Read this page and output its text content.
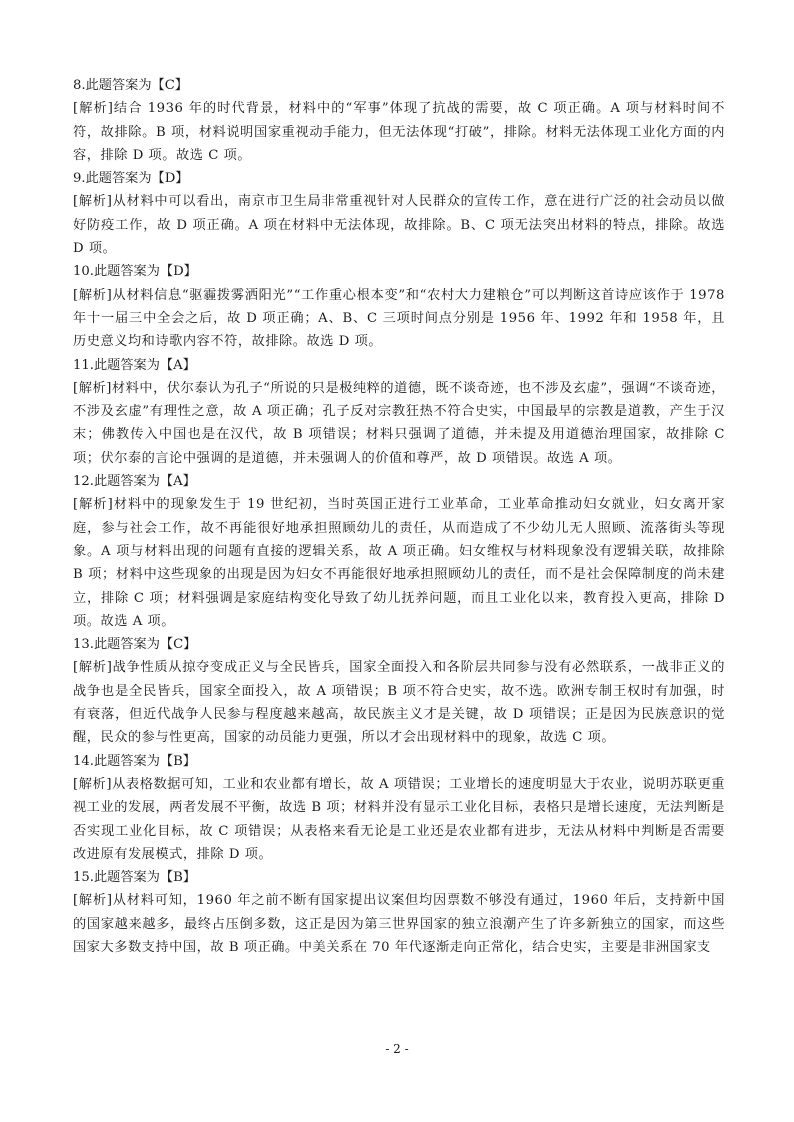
8.此题答案为【C】

[解析]结合 1936 年的时代背景，材料中的“军事”体现了抗战的需要，故 C 项正确。A 项与材料时间不符，故排除。B 项，材料说明国家重视动手能力，但无法体现“打破”，排除。材料无法体现工业化方面的内容，排除 D 项。故选 C 项。

9.此题答案为【D】

[解析]从材料中可以看出，南京市卫生局非常重视针对人民群众的宣传工作，意在进行广泛的社会动员以做好防疫工作，故 D 项正确。A 项在材料中无法体现，故排除。B、C 项无法突出材料的特点，排除。故选 D 项。

10.此题答案为【D】

[解析]从材料信息“驱霾拨雾洒阳光”“工作重心根本变”和“农村大力建粮仓”可以判断这首诗应该作于 1978 年十一届三中全会之后，故 D 项正确；A、B、C 三项时间点分别是 1956 年、1992 年和 1958 年，且历史意义均和诗歌内容不符，故排除。故选 D 项。

11.此题答案为【A】

[解析]材料中，伏尔泰认为孔子“所说的只是极纯粹的道德，既不谈奇迹，也不涉及玄虚”，强调“不谈奇迹，不涉及玄虚”有理性之意，故 A 项正确；孔子反对宗教狂热不符合史实，中国最早的宗教是道教，产生于汉末；佛教传入中国也是在汉代，故 B 项错误；材料只强调了道德，并未提及用道德治理国家，故排除 C 项；伏尔泰的言论中强调的是道德，并未强调人的价值和尊严，故 D 项错误。故选 A 项。

12.此题答案为【A】

[解析]材料中的现象发生于 19 世纪初，当时英国正进行工业革命，工业革命推动妇女就业，妇女离开家庭，参与社会工作，故不再能很好地承担照顾幼儿的责任，从而造成了不少幼儿无人照顾、流落街头等现象。A 项与材料出现的问题有直接的逻辑关系，故 A 项正确。妇女维权与材料现象没有逻辑关联，故排除 B 项；材料中这些现象的出现是因为妇女不再能很好地承担照顾幼儿的责任，而不是社会保障制度的尚未建立，排除 C 项；材料强调是家庭结构变化导致了幼儿抚养问题，而且工业化以来，教育投入更高，排除 D 项。故选 A 项。

13.此题答案为【C】

[解析]战争性质从掠夺变成正义与全民皆兵，国家全面投入和各阶层共同参与没有必然联系，一战非正义的战争也是全民皆兵，国家全面投入，故 A 项错误；B 项不符合史实，故不选。欧洲专制王权时有加强，时有衰落，但近代战争人民参与程度越来越高，故民族主义才是关键，故 D 项错误；正是因为民族意识的觉醒，民众的参与性更高，国家的动员能力更强，所以才会出现材料中的现象，故选 C 项。

14.此题答案为【B】

[解析]从表格数据可知，工业和农业都有增长，故 A 项错误；工业增长的速度明显大于农业，说明苏联更重视工业的发展，两者发展不平衡，故选 B 项；材料并没有显示工业化目标，表格只是增长速度，无法判断是否实现工业化目标，故 C 项错误；从表格来看无论是工业还是农业都有进步，无法从材料中判断是否需要改进原有发展模式，排除 D 项。

15.此题答案为【B】

[解析]从材料可知，1960 年之前不断有国家提出议案但均因票数不够没有通过，1960 年后，支持新中国的国家越来越多，最终占压倒多数，这正是因为第三世界国家的独立浪潮产生了许多新独立的国家，而这些国家大多数支持中国，故 B 项正确。中美关系在 70 年代逐渐走向正常化，结合史实，主要是非洲国家支

- 2 -
